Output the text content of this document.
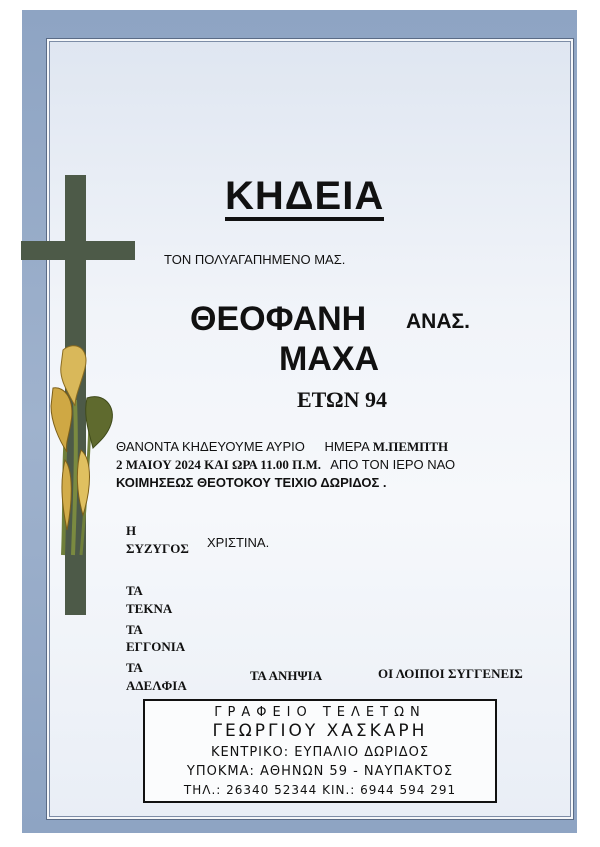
ΚΗΔΕΙΑ
ΤΟΝ ΠΟΛΥΑΓΑΠΗΜΕΝΟ ΜΑΣ.
ΘΕΟΦΑΝΗ ΑΝΑΣ.
ΜΑΧΑ
ΕΤΩΝ 94
ΘΑΝΟΝΤΑ ΚΗΔΕΥΟΥΜΕ ΑΥΡΙΟ ΗΜΕΡΑ Μ.ΠΕΜΠΤΗ
2 ΜΑΙΟΥ 2024 ΚΑΙ ΩΡΑ 11.00 Π.Μ. ΑΠΟ ΤΟΝ ΙΕΡΟ ΝΑΟ
ΚΟΙΜΗΣΕΩΣ ΘΕΟΤΟΚΟΥ ΤΕΙΧΙΟ ΔΩΡΙΔΟΣ .
Η
ΣΥΖΥΓΟΣ ΧΡΙΣΤΙΝΑ.
ΤΑ
ΤΕΚΝΑ
ΤΑ
ΕΓΓΟΝΙΑ
ΤΑ
ΑΔΕΛΦΙΑ
ΤΑ ΑΝΗΨΙΑ	ΟΙ ΛΟΙΠΟΙ ΣΥΓΓΕΝΕΙΣ
ΓΡΑΦΕΙΟ ΤΕΛΕΤΩΝ
ΓΕΩΡΓΙΟΥ ΧΑΣΚΑΡΗ
ΚΕΝΤΡΙΚΟ: ΕΥΠΑΛΙΟ ΔΩΡΙΔΟΣ
ΥΠΟΚΜΑ: ΑΘΗΝΩΝ 59 - ΝΑΥΠΑΚΤΟΣ
ΤΗΛ.: 26340 52344 ΚΙΝ.: 6944 594 291
